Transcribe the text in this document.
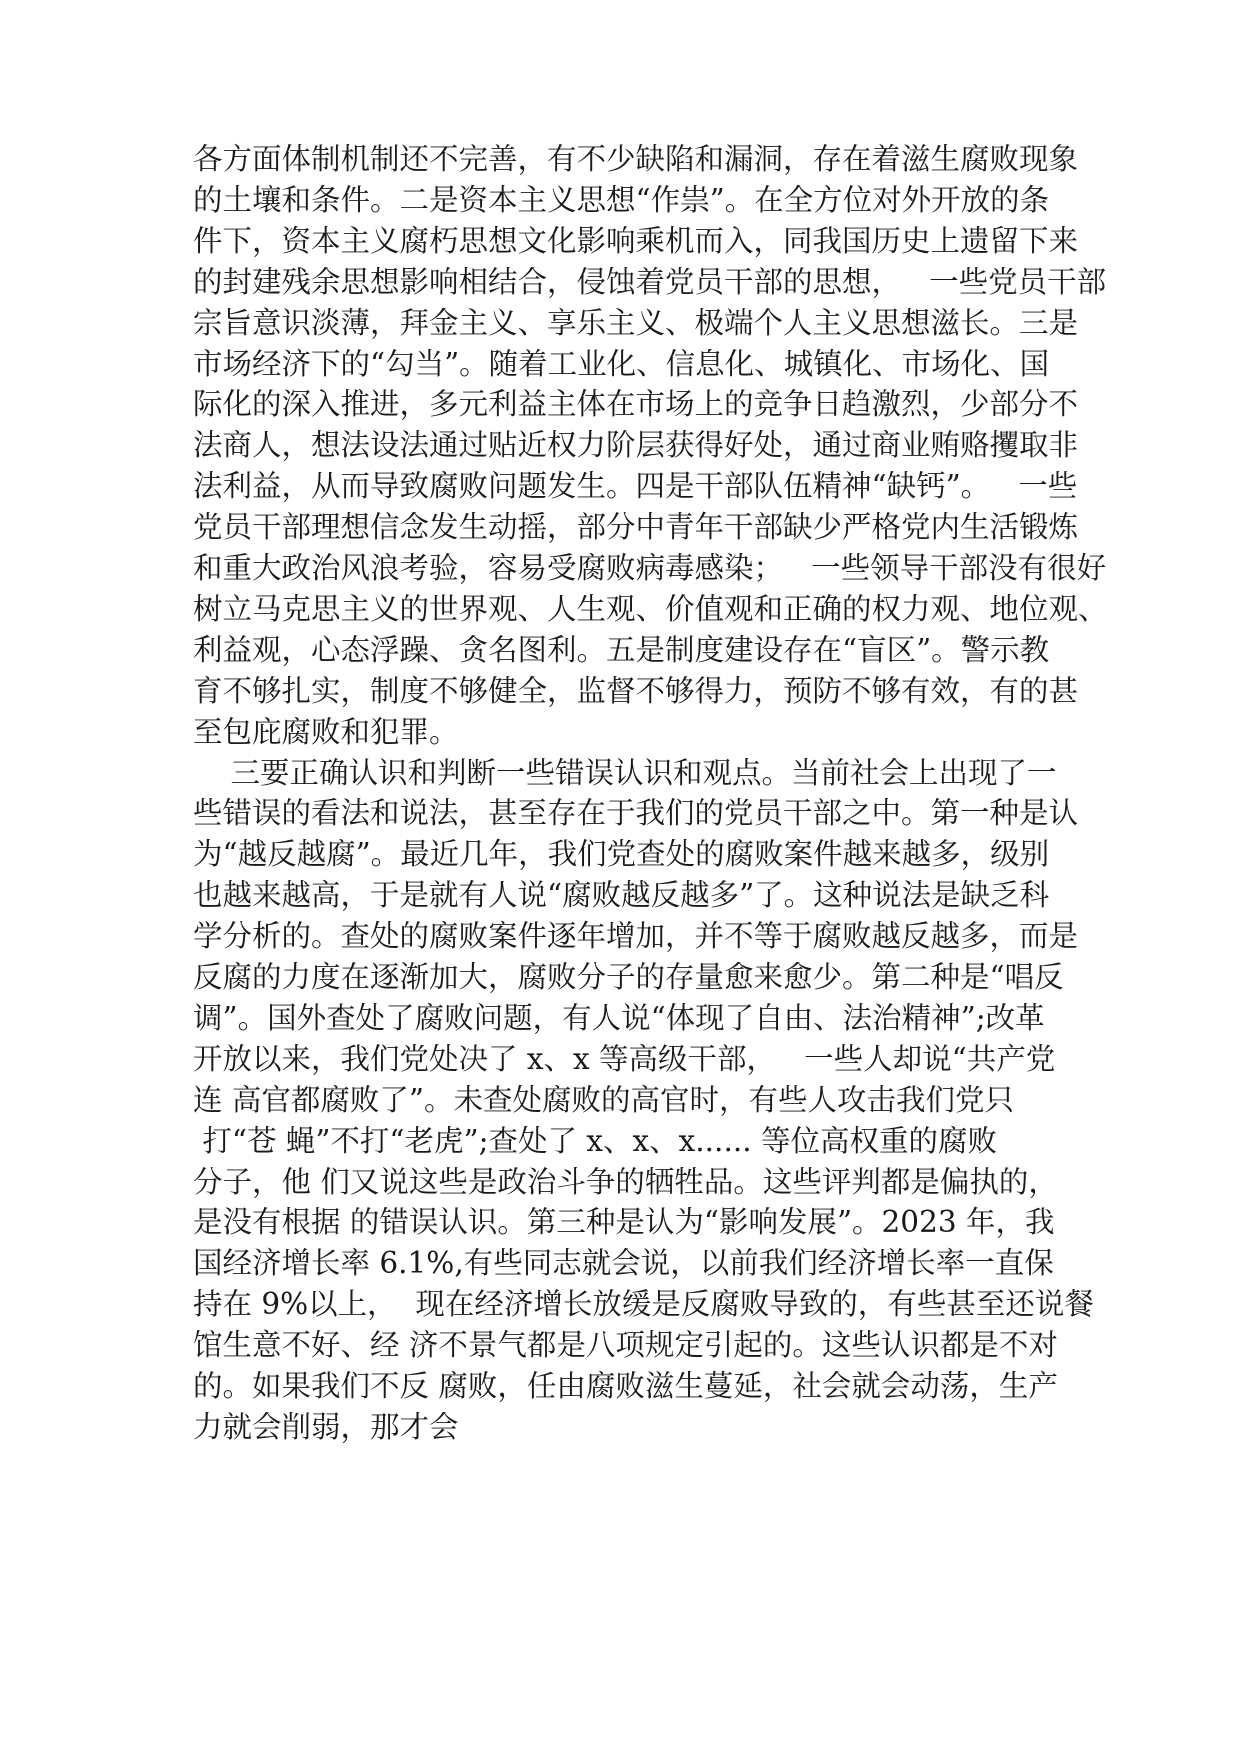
各方面体制机制还不完善，有不少缺陷和漏洞，存在着滋生腐败现象
的土壤和条件。二是资本主义思想“作祟”。在全方位对外开放的条
件下，资本主义腐朽思想文化影响乘机而入，同我国历史上遗留下来
的封建残余思想影响相结合，侵蚀着党员干部的思想，   一些党员干部
宗旨意识淡薄，拜金主义、享乐主义、极端个人主义思想滋长。三是
市场经济下的“勾当”。随着工业化、信息化、城镇化、市场化、国
际化的深入推进，多元利益主体在市场上的竞争日趋激烈，少部分不
法商人，想法设法通过贴近权力阶层获得好处，通过商业贿赂攫取非
法利益，从而导致腐败问题发生。四是干部队伍精神“缺钙”。   一些
党员干部理想信念发生动摇，部分中青年干部缺少严格党内生活锻炼
和重大政治风浪考验，容易受腐败病毒感染；   一些领导干部没有很好
树立马克思主义的世界观、人生观、价值观和正确的权力观、地位观、
利益观，心态浮躁、贪名图利。五是制度建设存在“盲区”。警示教
育不够扎实，制度不够健全，监督不够得力，预防不够有效，有的甚
至包庇腐败和犯罪。
三要正确认识和判断一些错误认识和观点。当前社会上出现了一
些错误的看法和说法，甚至存在于我们的党员干部之中。第一种是认
为“越反越腐”。最近几年，我们党查处的腐败案件越来越多，级别
也越来越高，于是就有人说“腐败越反越多”了。这种说法是缺乏科
学分析的。查处的腐败案件逐年增加，并不等于腐败越反越多，而是
反腐的力度在逐渐加大，腐败分子的存量愈来愈少。第二种是“唱反
调”。国外查处了腐败问题，有人说“体现了自由、法治精神”;改革
开放以来，我们党处决了 x、x 等高级干部，   一些人却说“共产党
连 高官都腐败了”。未查处腐败的高官时，有些人攻击我们党只
打“苍 蝇”不打“老虎”;查处了 x、x、x...... 等位高权重的腐败
分子，他 们又说这些是政治斗争的牺牲品。这些评判都是偏执的，
是没有根据 的错误认识。第三种是认为“影响发展”。2023 年，我
国经济增长率 6.1%,有些同志就会说，以前我们经济增长率一直保
持在 9%以上，  现在经济增长放缓是反腐败导致的，有些甚至还说餐
馆生意不好、经 济不景气都是八项规定引起的。这些认识都是不对
的。如果我们不反 腐败，任由腐败滋生蔓延，社会就会动荡，生产
力就会削弱，那才会
